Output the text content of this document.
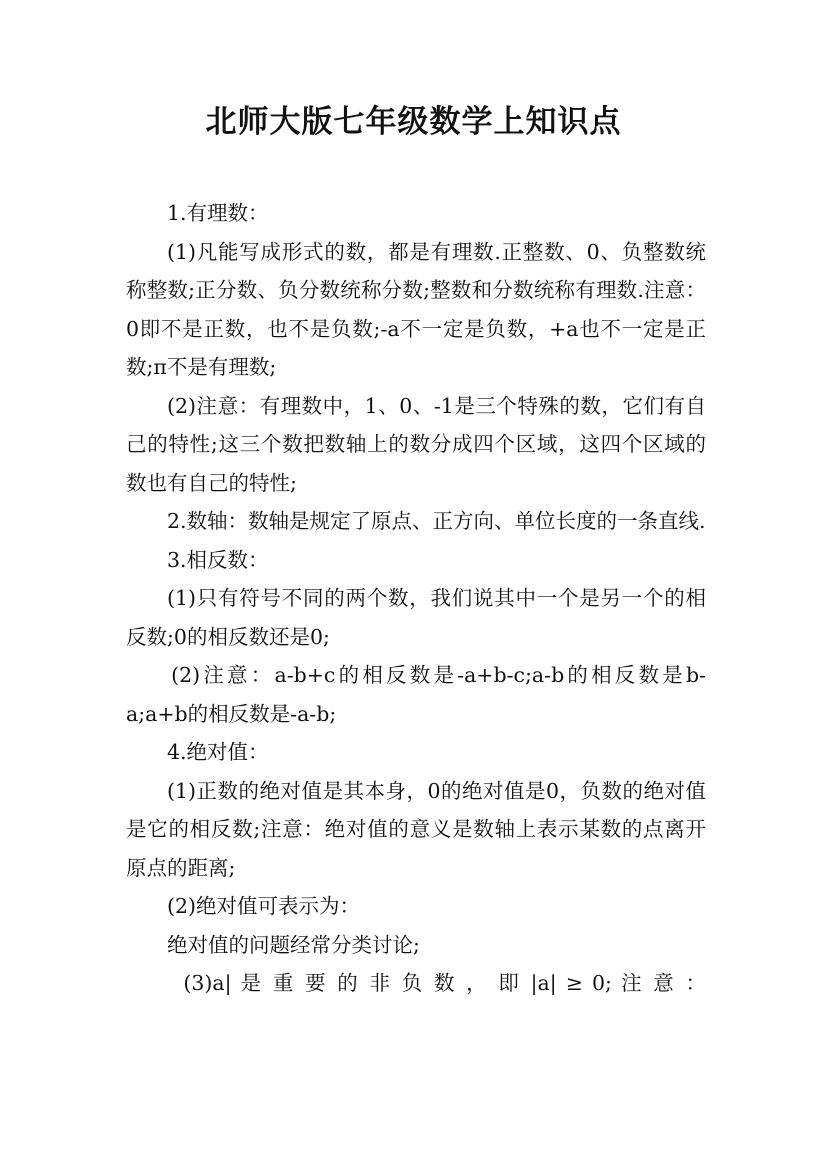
北师大版七年级数学上知识点

1.有理数：

(1)凡能写成形式的数，都是有理数.正整数、0、负整数统称整数;正分数、负分数统称分数;整数和分数统称有理数.注意：0即不是正数，也不是负数;-a不一定是负数，+a也不一定是正数;π不是有理数;

(2)注意：有理数中，1、0、-1是三个特殊的数，它们有自己的特性;这三个数把数轴上的数分成四个区域，这四个区域的数也有自己的特性;

2.数轴：数轴是规定了原点、正方向、单位长度的一条直线.

3.相反数：

(1)只有符号不同的两个数，我们说其中一个是另一个的相反数;0的相反数还是0;

(2)注意：a-b+c的相反数是-a+b-c;a-b的相反数是b-a;a+b的相反数是-a-b;

4.绝对值：

(1)正数的绝对值是其本身，0的绝对值是0，负数的绝对值是它的相反数;注意：绝对值的意义是数轴上表示某数的点离开原点的距离;

(2)绝对值可表示为：

绝对值的问题经常分类讨论;

(3)a| 是 重 要 的 非 负 数 ， 即 |a| ≥ 0; 注 意 ：
